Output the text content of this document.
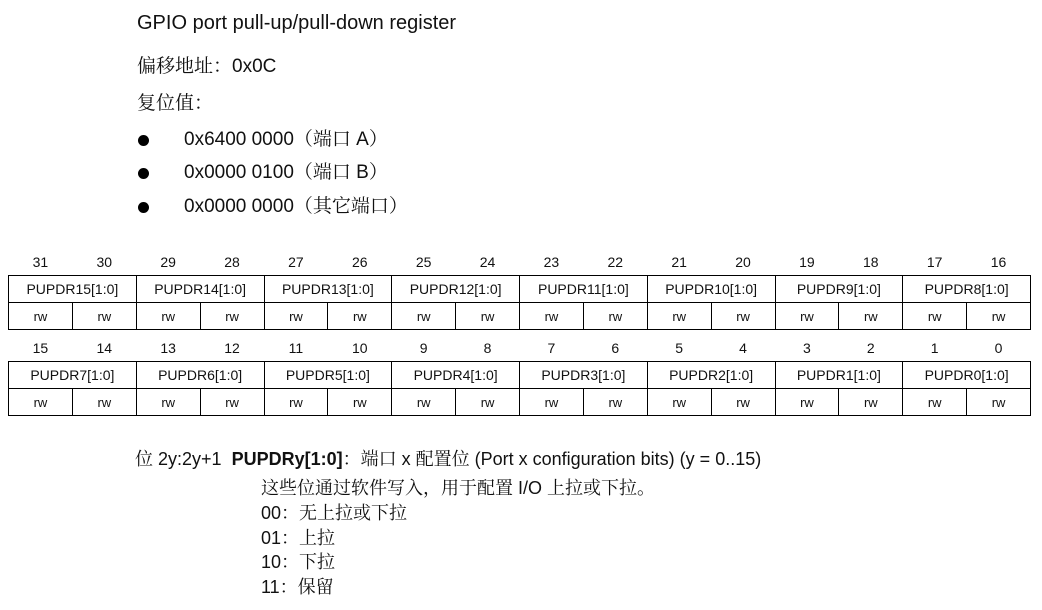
GPIO port pull-up/pull-down register
偏移地址：0x0C
复位值：
0x6400 0000（端口 A）
0x0000 0100（端口 B）
0x0000 0000（其它端口）
31	30	29	28	27	26	25	24	23	22	21	20	19	18	17	16
PUPDR15[1:0]		PUPDR14[1:0]		PUPDR13[1:0]		PUPDR12[1:0]		PUPDR11[1:0]		PUPDR10[1:0]		PUPDR9[1:0]		PUPDR8[1:0]	
rw	rw	rw	rw	rw	rw	rw	rw	rw	rw	rw	rw	rw	rw	rw	rw
15	14	13	12	11	10	9	8	7	6	5	4	3	2	1	0
PUPDR7[1:0]		PUPDR6[1:0]		PUPDR5[1:0]		PUPDR4[1:0]		PUPDR3[1:0]		PUPDR2[1:0]		PUPDR1[1:0]		PUPDR0[1:0]	
rw	rw	rw	rw	rw	rw	rw	rw	rw	rw	rw	rw	rw	rw	rw	rw
位 2y:2y+1 PUPDRy[1:0]：端口 x 配置位 (Port x configuration bits) (y = 0..15)
这些位通过软件写入，用于配置 I/O 上拉或下拉。
00：无上拉或下拉
01：上拉
10：下拉
11：保留
